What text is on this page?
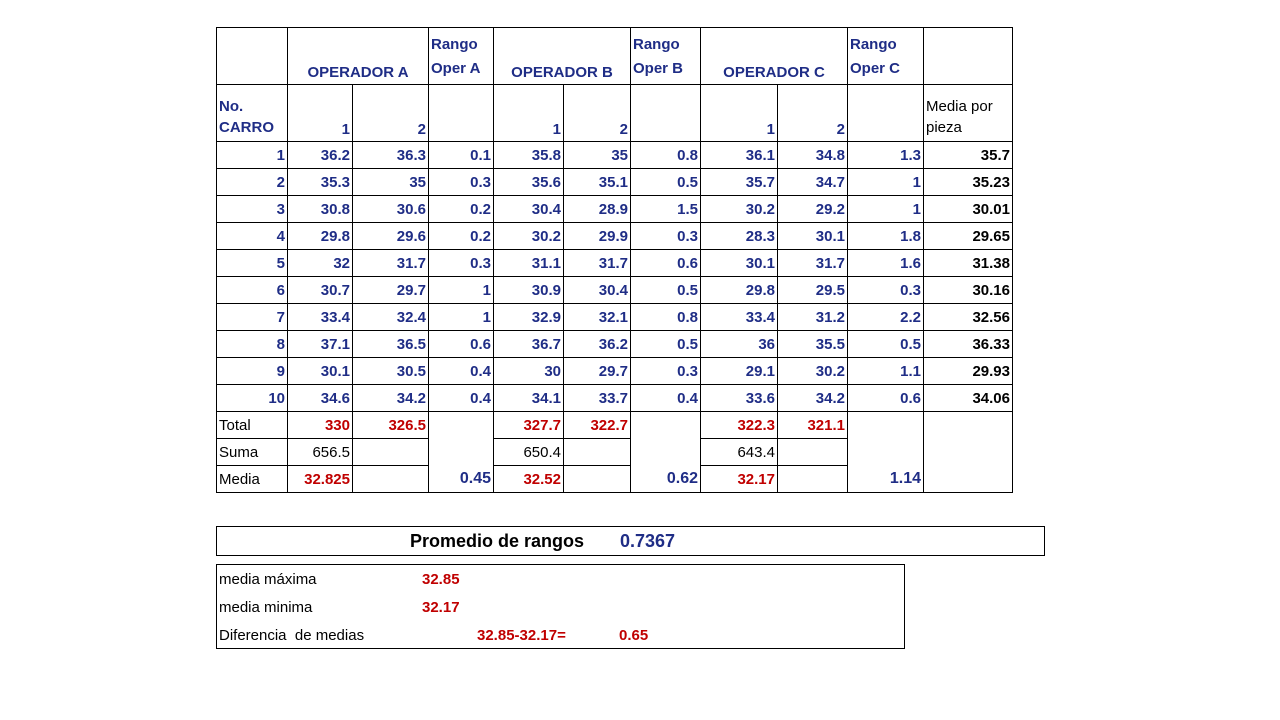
	OPERADOR A		Rango Oper A	OPERADOR B		Rango Oper B	OPERADOR C		Rango Oper C	
No. CARRO	1	2		1	2		1	2		Media por pieza
1	36.2	36.3	0.1	35.8	35	0.8	36.1	34.8	1.3	35.7
2	35.3	35	0.3	35.6	35.1	0.5	35.7	34.7	1	35.23
3	30.8	30.6	0.2	30.4	28.9	1.5	30.2	29.2	1	30.01
4	29.8	29.6	0.2	30.2	29.9	0.3	28.3	30.1	1.8	29.65
5	32	31.7	0.3	31.1	31.7	0.6	30.1	31.7	1.6	31.38
6	30.7	29.7	1	30.9	30.4	0.5	29.8	29.5	0.3	30.16
7	33.4	32.4	1	32.9	32.1	0.8	33.4	31.2	2.2	32.56
8	37.1	36.5	0.6	36.7	36.2	0.5	36	35.5	0.5	36.33
9	30.1	30.5	0.4	30	29.7	0.3	29.1	30.2	1.1	29.93
10	34.6	34.2	0.4	34.1	33.7	0.4	33.6	34.2	0.6	34.06
Total	330	326.5	0.45	327.7	322.7	0.62	322.3	321.1	1.14	
Suma	656.5			650.4			643.4			
Media	32.825			32.52			32.17			
Promedio de rangos 0.7367
media máxima	32.85
media minima	32.17
Diferencia  de medias	32.85-32.17=	0.65
